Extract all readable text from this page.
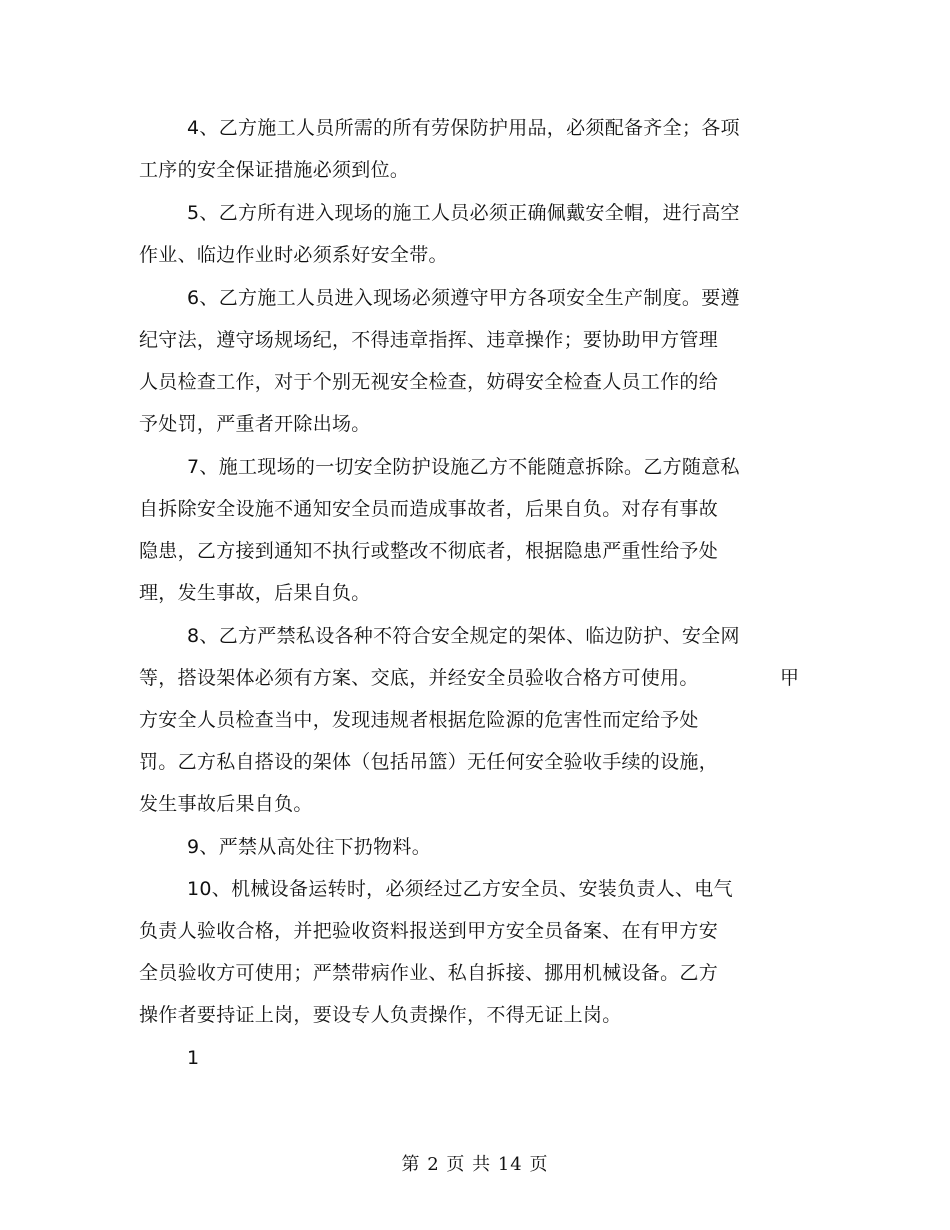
4、乙方施工人员所需的所有劳保防护用品，必须配备齐全；各项
工序的安全保证措施必须到位。
5、乙方所有进入现场的施工人员必须正确佩戴安全帽，进行高空
作业、临边作业时必须系好安全带。
6、乙方施工人员进入现场必须遵守甲方各项安全生产制度。要遵
纪守法，遵守场规场纪，不得违章指挥、违章操作；要协助甲方管理
人员检查工作，对于个别无视安全检查，妨碍安全检查人员工作的给
予处罚，严重者开除出场。
7、施工现场的一切安全防护设施乙方不能随意拆除。乙方随意私
自拆除安全设施不通知安全员而造成事故者，后果自负。对存有事故
隐患，乙方接到通知不执行或整改不彻底者，根据隐患严重性给予处
理，发生事故，后果自负。
8、乙方严禁私设各种不符合安全规定的架体、临边防护、安全网
等，搭设架体必须有方案、交底，并经安全员验收合格方可使用。	甲
方安全人员检查当中，发现违规者根据危险源的危害性而定给予处
罚。乙方私自搭设的架体（包括吊篮）无任何安全验收手续的设施，
发生事故后果自负。
9、严禁从高处往下扔物料。
10、机械设备运转时，必须经过乙方安全员、安装负责人、电气
负责人验收合格，并把验收资料报送到甲方安全员备案、在有甲方安
全员验收方可使用；严禁带病作业、私自拆接、挪用机械设备。乙方
操作者要持证上岗，要设专人负责操作，不得无证上岗。
1
第 2 页 共 14 页
